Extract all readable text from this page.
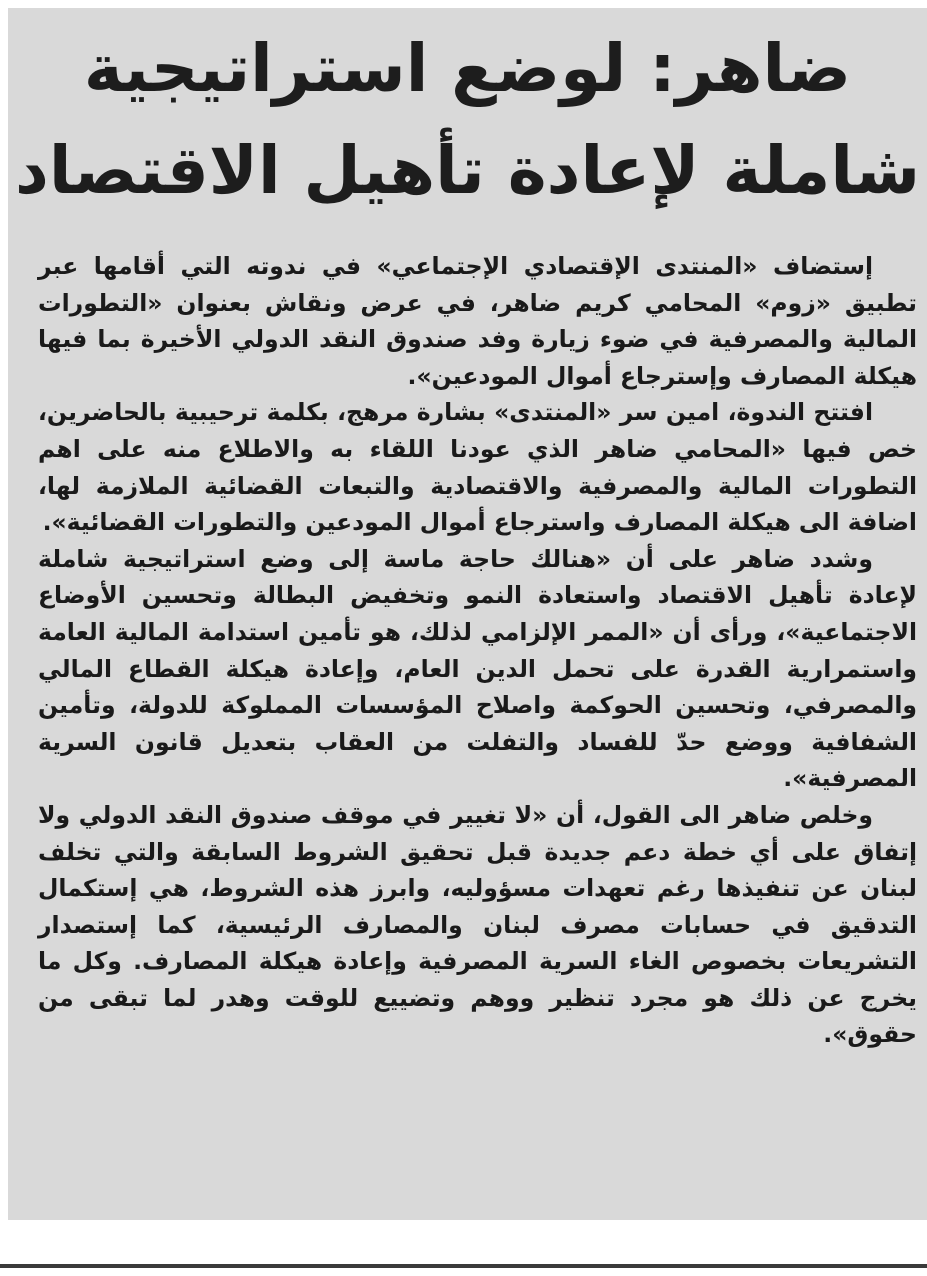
ضاهر: لوضع استراتيجية
شاملة لإعادة تأهيل الاقتصاد

إستضاف «المنتدى الإقتصادي الإجتماعي» في ندوته التي أقامها عبر تطبيق «زوم» المحامي كريم ضاهر، في عرض ونقاش بعنوان «التطورات المالية والمصرفية في ضوء زيارة وفد صندوق النقد الدولي الأخيرة بما فيها هيكلة المصارف وإسترجاع أموال المودعين».

افتتح الندوة، امين سر «المنتدى» بشارة مرهج، بكلمة ترحيبية بالحاضرين، خص فيها «المحامي ضاهر الذي عودنا اللقاء به والاطلاع منه على اهم التطورات المالية والمصرفية والاقتصادية والتبعات القضائية الملازمة لها، اضافة الى هيكلة المصارف واسترجاع أموال المودعين والتطورات القضائية».

وشدد ضاهر على أن «هنالك حاجة ماسة إلى وضع استراتيجية شاملة لإعادة تأهيل الاقتصاد واستعادة النمو وتخفيض البطالة وتحسين الأوضاع الاجتماعية»، ورأى أن «الممر الإلزامي لذلك، هو تأمين استدامة المالية العامة واستمرارية القدرة على تحمل الدين العام، وإعادة هيكلة القطاع المالي والمصرفي، وتحسين الحوكمة واصلاح المؤسسات المملوكة للدولة، وتأمين الشفافية ووضع حدّ للفساد والتفلت من العقاب بتعديل قانون السرية المصرفية».

وخلص ضاهر الى القول، أن «لا تغيير في موقف صندوق النقد الدولي ولا إتفاق على أي خطة دعم جديدة قبل تحقيق الشروط السابقة والتي تخلف لبنان عن تنفيذها رغم تعهدات مسؤوليه، وابرز هذه الشروط، هي إستكمال التدقيق في حسابات مصرف لبنان والمصارف الرئيسية، كما إستصدار التشريعات بخصوص الغاء السرية المصرفية وإعادة هيكلة المصارف. وكل ما يخرج عن ذلك هو مجرد تنظير ووهم وتضييع للوقت وهدر لما تبقى من حقوق».
